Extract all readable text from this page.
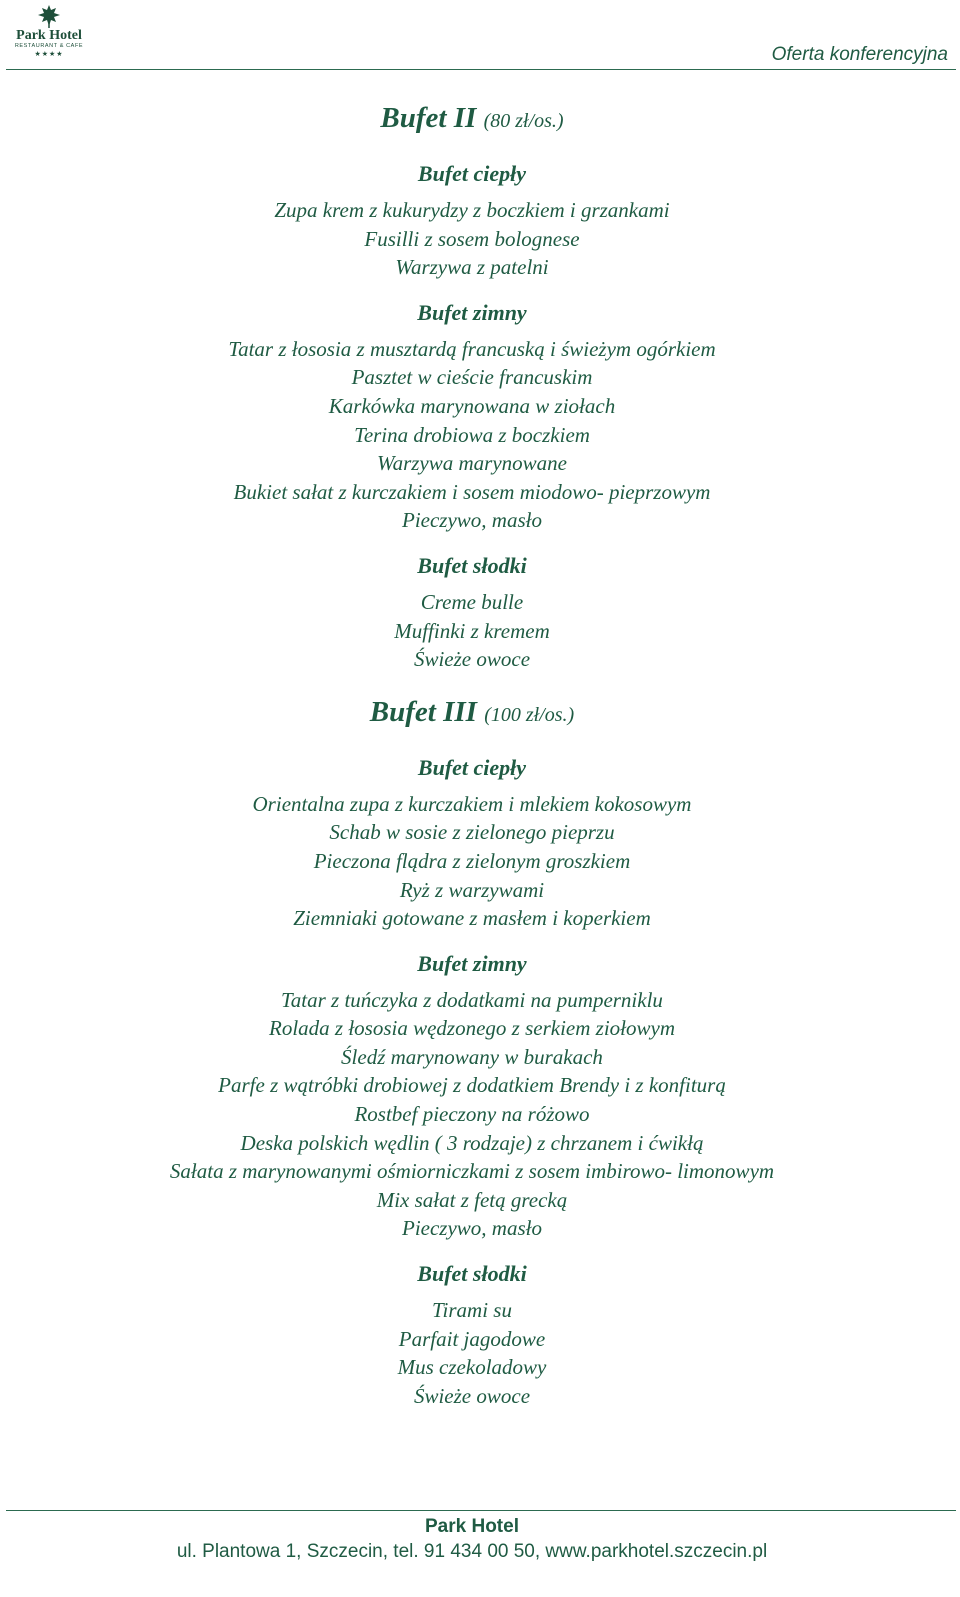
Park Hotel
RESTAURANT & CAFE
★★★★	Oferta konferencyjna
Bufet II (80 zł/os.)
Bufet ciepły
Zupa krem z kukurydzy z boczkiem i grzankami
Fusilli z sosem bolognese
Warzywa z patelni
Bufet zimny
Tatar z łososia z musztardą francuską i świeżym ogórkiem
Pasztet w cieście francuskim
Karkówka marynowana w ziołach
Terina drobiowa z boczkiem
Warzywa marynowane
Bukiet sałat z kurczakiem i sosem miodowo- pieprzowym
Pieczywo, masło
Bufet słodki
Creme bulle
Muffinki z kremem
Świeże owoce
Bufet III (100 zł/os.)
Bufet ciepły
Orientalna zupa z kurczakiem i mlekiem kokosowym
Schab w sosie z zielonego pieprzu
Pieczona flądra z zielonym groszkiem
Ryż z warzywami
Ziemniaki gotowane z masłem i koperkiem
Bufet zimny
Tatar z tuńczyka z dodatkami na pumperniklu
Rolada z łososia wędzonego z serkiem ziołowym
Śledź marynowany w burakach
Parfe z wątróbki drobiowej z dodatkiem Brendy i z konfiturą
Rostbef pieczony na różowo
Deska polskich wędlin ( 3 rodzaje) z chrzanem i ćwikłą
Sałata z marynowanymi ośmiorniczkami z sosem imbirowo- limonowym
Mix sałat z fetą grecką
Pieczywo, masło
Bufet słodki
Tirami su
Parfait jagodowe
Mus czekoladowy
Świeże owoce
Park Hotel
ul. Plantowa 1, Szczecin, tel. 91 434 00 50, www.parkhotel.szczecin.pl
